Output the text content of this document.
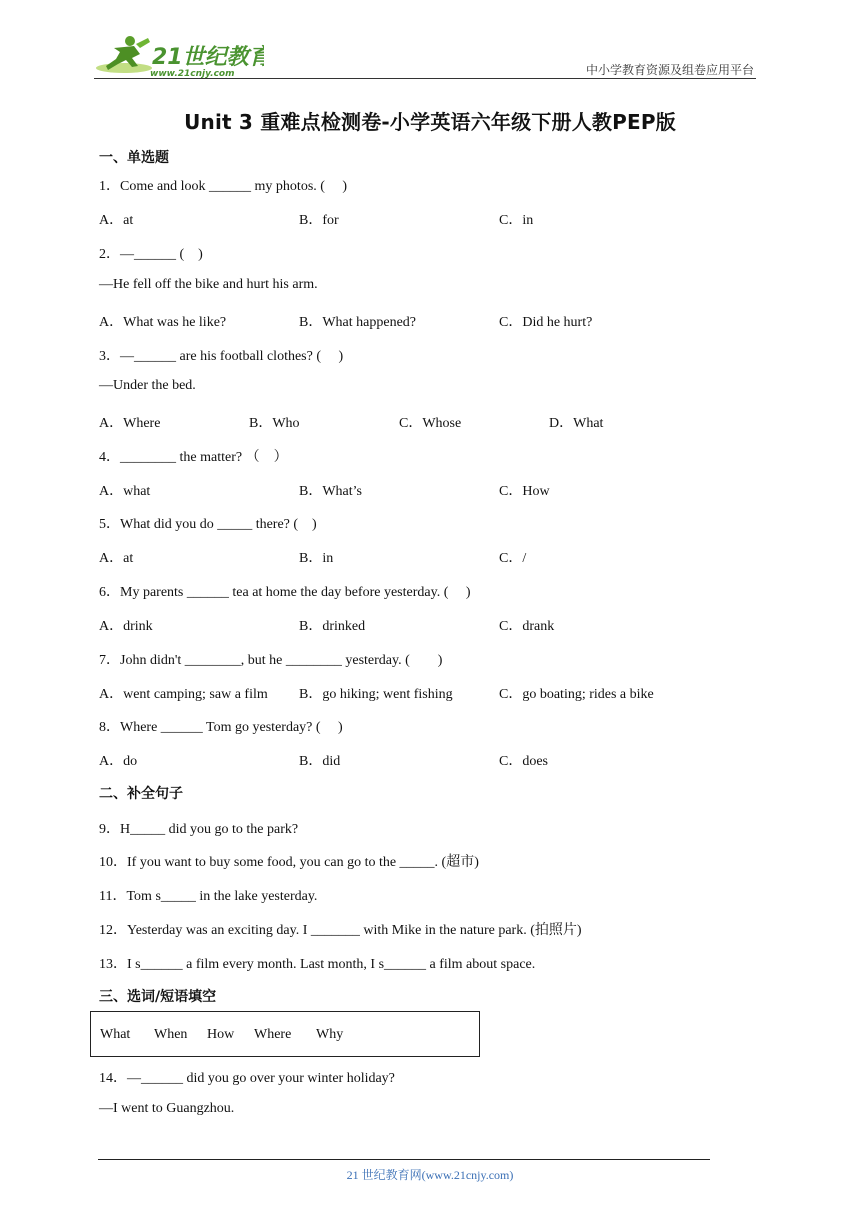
21世纪教育
www.21cnjy.com	中小学教育资源及组卷应用平台
Unit 3 重难点检测卷-小学英语六年级下册人教PEP版
一、单选题
1．Come and look ______ my photos. (　 )
A．at	B．for	C．in
2．—______ (　)
—He fell off the bike and hurt his arm.
A．What was he like?	B．What happened?	C．Did he hurt?
3．—______ are his football clothes? (　 )
—Under the bed.
A．Where	B．Who	C．Whose	D．What
4．________ the matter? （　）
A．what	B．What’s	C．How
5．What did you do _____ there? (　)
A．at	B．in	C．/
6．My parents ______ tea at home the day before yesterday. (　 )
A．drink	B．drinked	C．drank
7．John didn't ________, but he ________ yesterday. (　　)
A．went camping; saw a film B．go hiking; went fishing	C．go boating; rides a bike
8．Where ______ Tom go yesterday? (　 )
A．do	B．did	C．does
二、补全句子
9．H_____ did you go to the park?
10．If you want to buy some food, you can go to the _____. (超市)
11．Tom s_____ in the lake yesterday.
12．Yesterday was an exciting day. I _______ with Mike in the nature park. (拍照片)
13．I s______ a film every month. Last month, I s______ a film about space.
三、选词/短语填空
What When How Where Why
14．—______ did you go over your winter holiday?
—I went to Guangzhou.
21 世纪教育网(www.21cnjy.com)
